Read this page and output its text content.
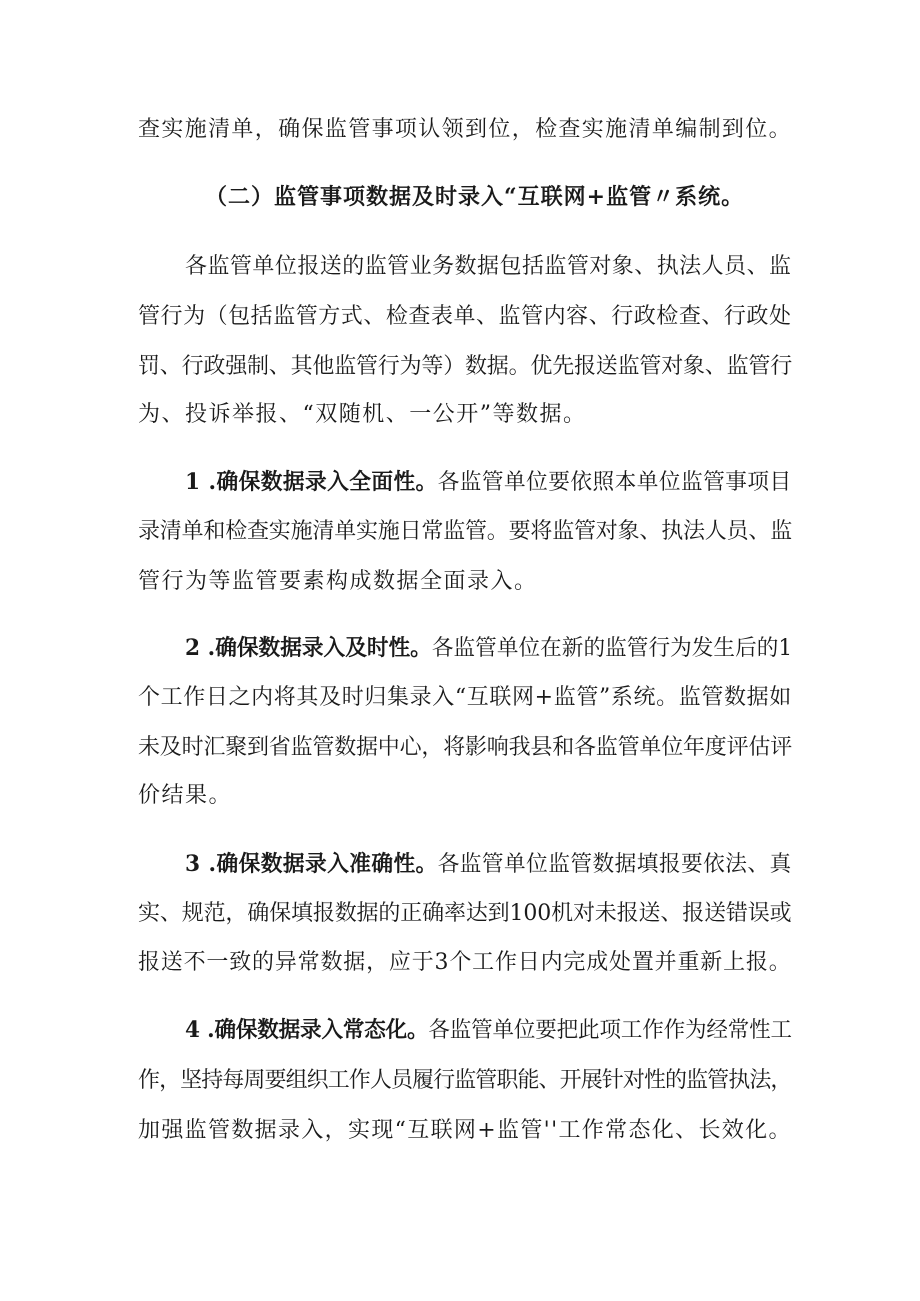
查实施清单，确保监管事项认领到位，检查实施清单编制到位。
（二）监管事项数据及时录入“互联网+监管〃系统。
各监管单位报送的监管业务数据包括监管对象、执法人员、监
管行为（包括监管方式、检查表单、监管内容、行政检查、行政处
罚、行政强制、其他监管行为等）数据。优先报送监管对象、监管行
为、投诉举报、“双随机、一公开”等数据。
1 .确保数据录入全面性。各监管单位要依照本单位监管事项目
录清单和检查实施清单实施日常监管。要将监管对象、执法人员、监
管行为等监管要素构成数据全面录入。
2 .确保数据录入及时性。各监管单位在新的监管行为发生后的1
个工作日之内将其及时归集录入“互联网+监管”系统。监管数据如
未及时汇聚到省监管数据中心，将影响我县和各监管单位年度评估评
价结果。
3 .确保数据录入准确性。各监管单位监管数据填报要依法、真
实、规范，确保填报数据的正确率达到100机对未报送、报送错误或
报送不一致的异常数据，应于3个工作日内完成处置并重新上报。
4 .确保数据录入常态化。各监管单位要把此项工作作为经常性工
作，坚持每周要组织工作人员履行监管职能、开展针对性的监管执法，
加强监管数据录入，实现“互联网+监管''工作常态化、长效化。
